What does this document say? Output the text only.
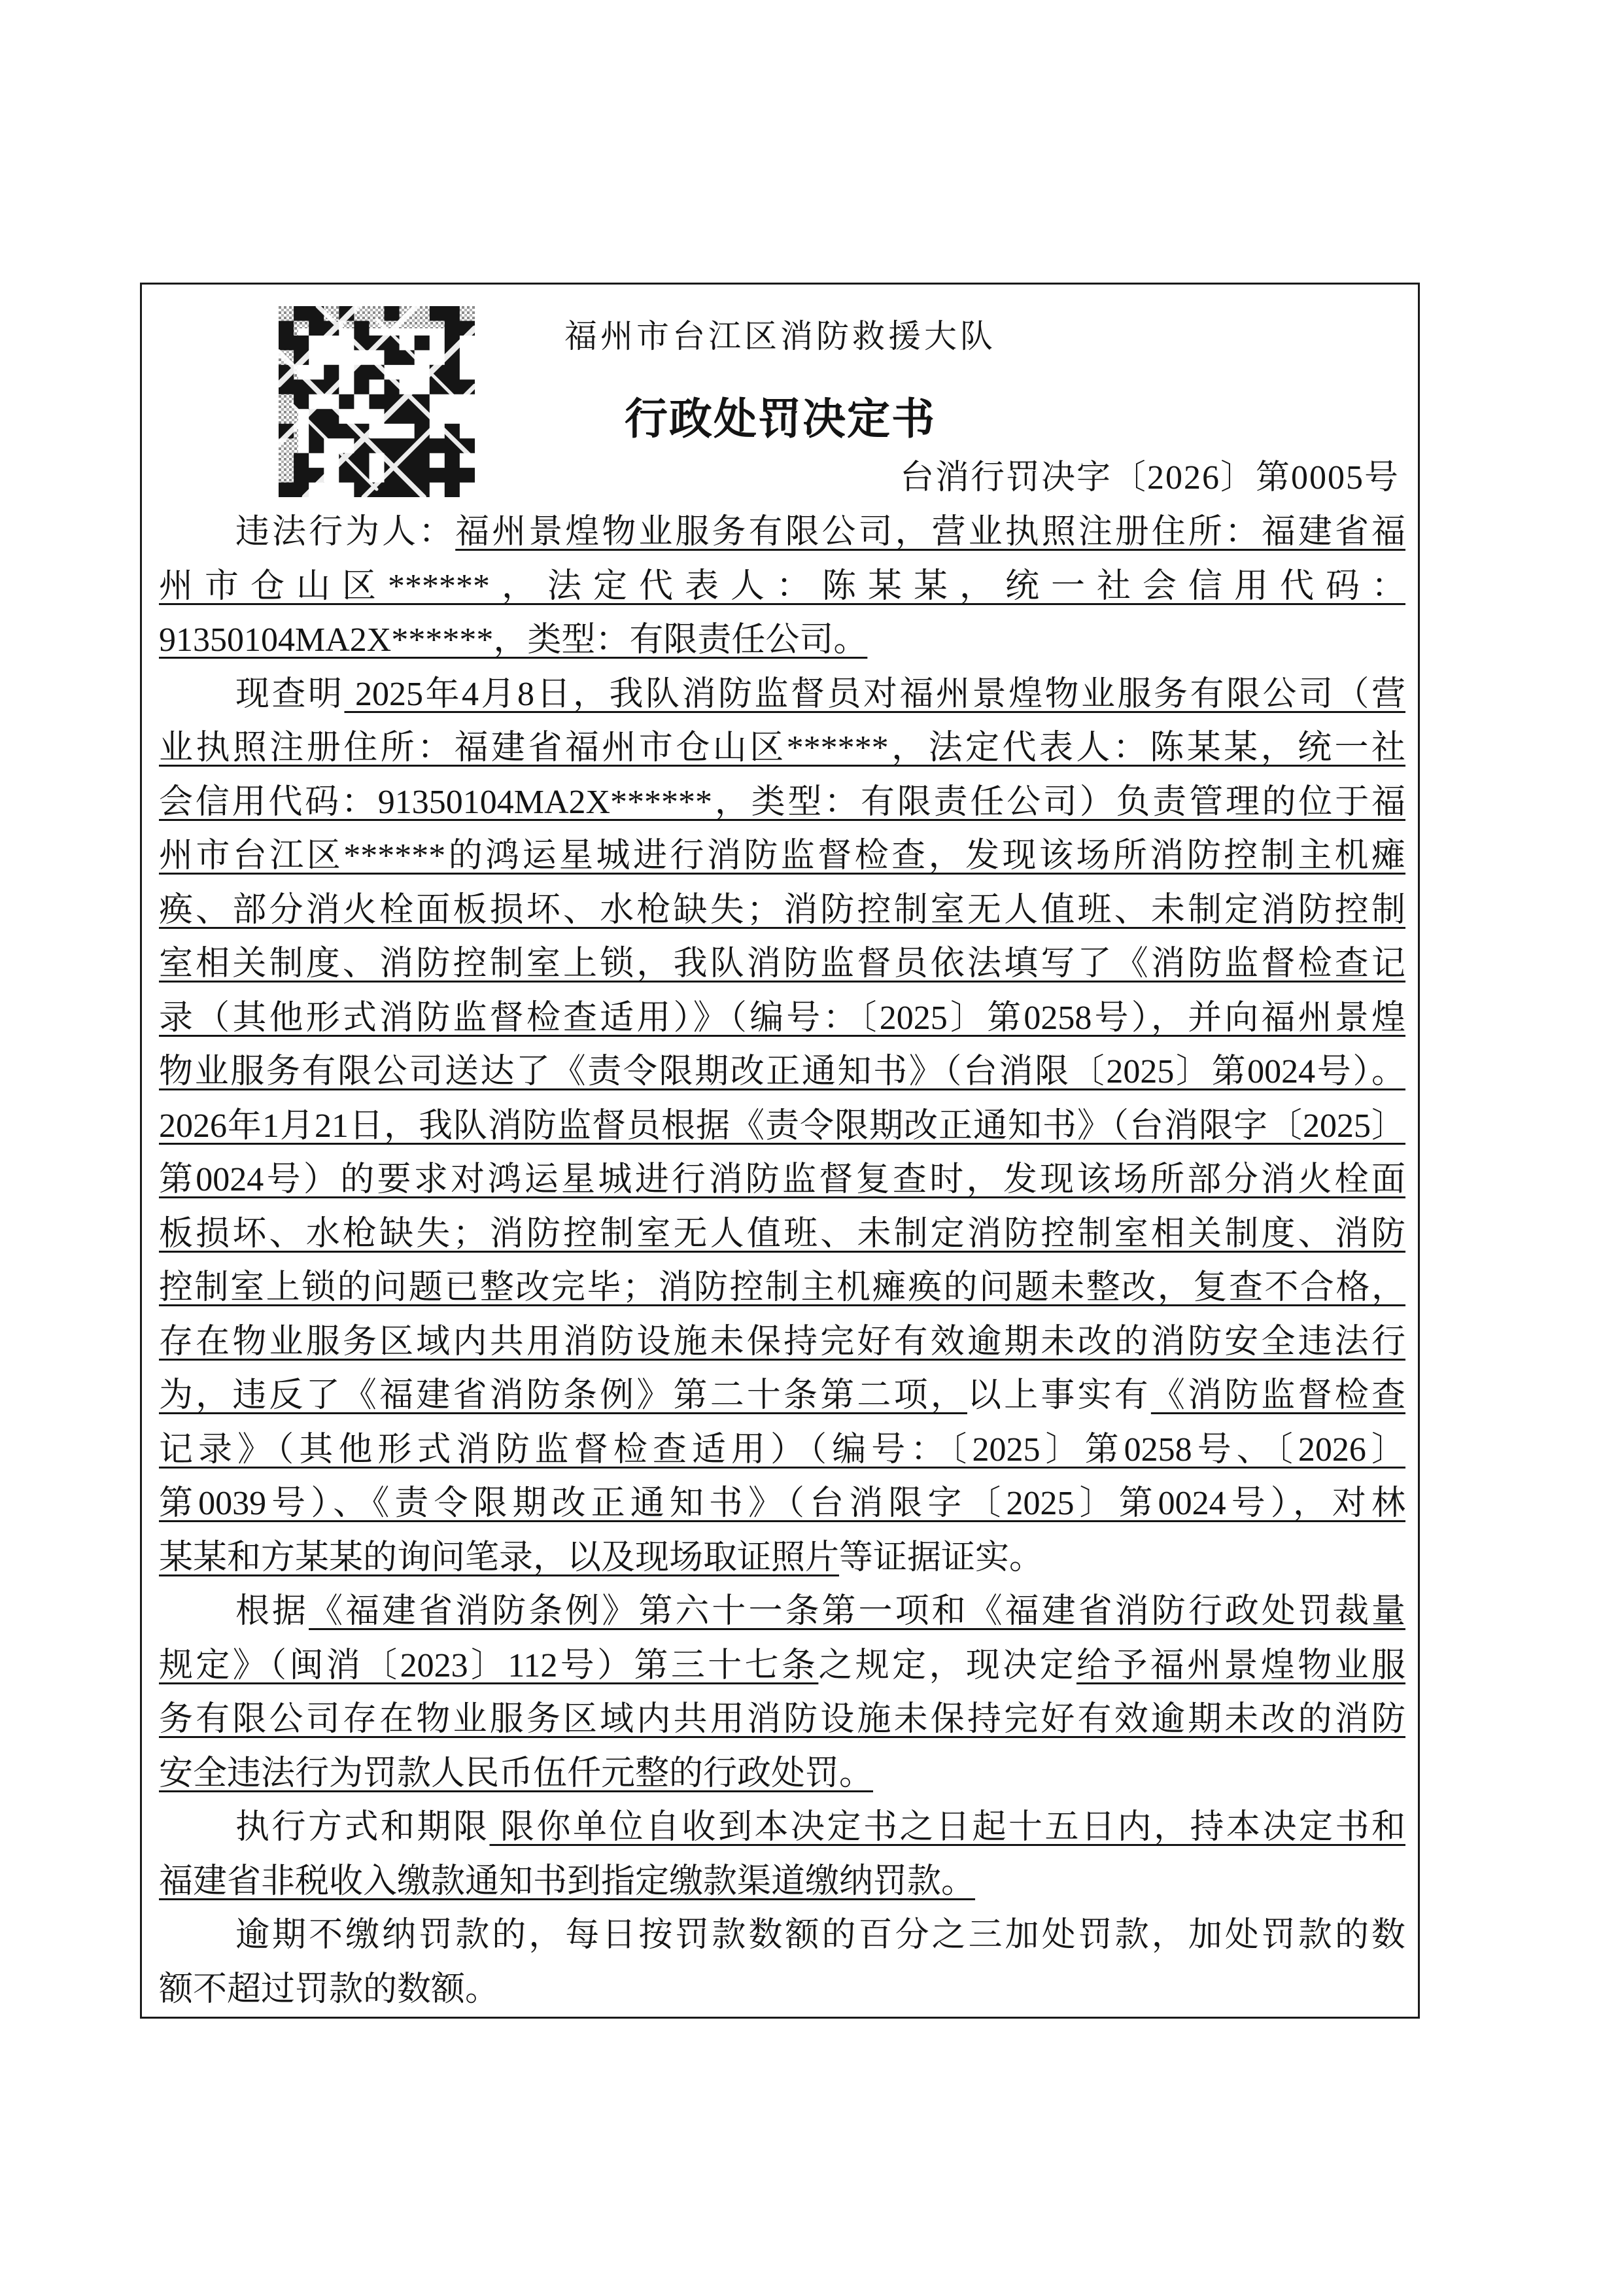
福州市台江区消防救援大队
行政处罚决定书
台消行罚决字〔2026〕第0005号
违法行为人：福州景煌物业服务有限公司，营业执照注册住所：福建省福
州市仓山区******，法定代表人：陈某某，统一社会信用代码：
91350104MA2X******，类型：有限责任公司。
现查明 2025年4月8日，我队消防监督员对福州景煌物业服务有限公司（营
业执照注册住所：福建省福州市仓山区******，法定代表人：陈某某，统一社
会信用代码：91350104MA2X******，类型：有限责任公司）负责管理的位于福
州市台江区******的鸿运星城进行消防监督检查，发现该场所消防控制主机瘫
痪、部分消火栓面板损坏、水枪缺失；消防控制室无人值班、未制定消防控制
室相关制度、消防控制室上锁，我队消防监督员依法填写了《消防监督检查记
录（其他形式消防监督检查适用）》（编号：〔2025〕第0258号），并向福州景煌
物业服务有限公司送达了《责令限期改正通知书》（台消限〔2025〕第0024号）。
2026年1月21日，我队消防监督员根据《责令限期改正通知书》（台消限字〔2025〕
第0024号）的要求对鸿运星城进行消防监督复查时，发现该场所部分消火栓面
板损坏、水枪缺失；消防控制室无人值班、未制定消防控制室相关制度、消防
控制室上锁的问题已整改完毕；消防控制主机瘫痪的问题未整改，复查不合格，
存在物业服务区域内共用消防设施未保持完好有效逾期未改的消防安全违法行
为，违反了《福建省消防条例》第二十条第二项，以上事实有《消防监督检查
记录》（其他形式消防监督检查适用）（编号：〔2025〕第0258号、〔2026〕
第0039号）、《责令限期改正通知书》（台消限字〔2025〕第0024号），对林
某某和方某某的询问笔录，以及现场取证照片等证据证实。
根据《福建省消防条例》第六十一条第一项和《福建省消防行政处罚裁量
规定》（闽消〔2023〕112号）第三十七条之规定，现决定给予福州景煌物业服
务有限公司存在物业服务区域内共用消防设施未保持完好有效逾期未改的消防
安全违法行为罚款人民币伍仟元整的行政处罚。
执行方式和期限 限你单位自收到本决定书之日起十五日内，持本决定书和
福建省非税收入缴款通知书到指定缴款渠道缴纳罚款。
逾期不缴纳罚款的，每日按罚款数额的百分之三加处罚款，加处罚款的数
额不超过罚款的数额。
